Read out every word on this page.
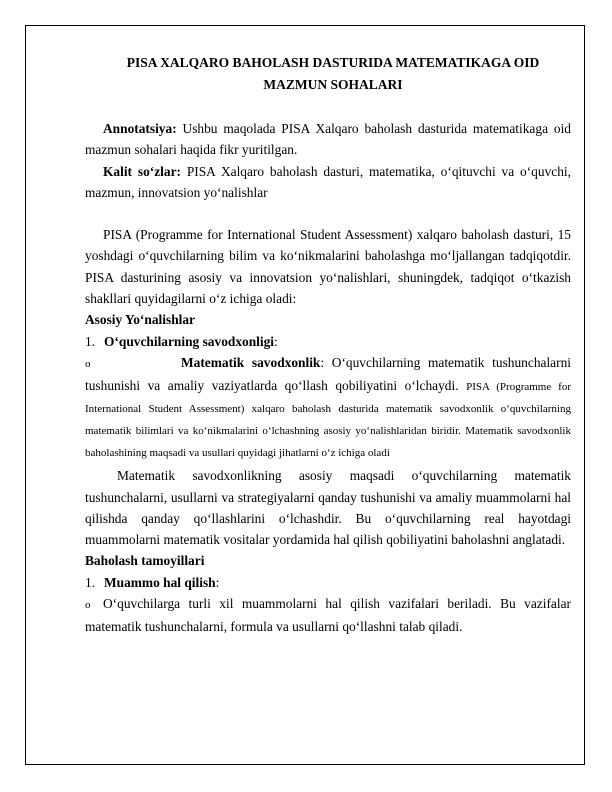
PISA XALQARO BAHOLASH DASTURIDA MATEMATIKAGA OID
MAZMUN SOHALARI

Annotatsiya: Ushbu maqolada PISA Xalqaro baholash dasturida matematikaga oid mazmun sohalari haqida fikr yuritilgan.

Kalit so‘zlar: PISA Xalqaro baholash dasturi, matematika, o‘qituvchi va o‘quvchi, mazmun, innovatsion yo‘nalishlar

PISA (Programme for International Student Assessment) xalqaro baholash dasturi, 15 yoshdagi o‘quvchilarning bilim va ko‘nikmalarini baholashga mo‘ljallangan tadqiqotdir. PISA dasturining asosiy va innovatsion yo‘nalishlari, shuningdek, tadqiqot o‘tkazish shakllari quyidagilarni o‘z ichiga oladi:

Asosiy Yo‘nalishlar

1. O‘quvchilarning savodxonligi:

o	Matematik savodxonlik: O‘quvchilarning matematik tushunchalarni tushunishi va amaliy vaziyatlarda qo‘llash qobiliyatini o‘lchaydi. PISA (Programme for International Student Assessment) xalqaro baholash dasturida matematik savodxonlik o‘quvchilarning matematik bilimlari va ko‘nikmalarini o‘lchashning asosiy yo‘nalishlaridan biridir. Matematik savodxonlik baholashining maqsadi va usullari quyidagi jihatlarni o‘z ichiga oladi

Matematik savodxonlikning asosiy maqsadi o‘quvchilarning matematik tushunchalarni, usullarni va strategiyalarni qanday tushunishi va amaliy muammolarni hal qilishda qanday qo‘llashlarini o‘lchashdir. Bu o‘quvchilarning real hayotdagi muammolarni matematik vositalar yordamida hal qilish qobiliyatini baholashni anglatadi.

Baholash tamoyillari

1. Muammo hal qilish:

o O‘quvchilarga turli xil muammolarni hal qilish vazifalari beriladi. Bu vazifalar matematik tushunchalarni, formula va usullarni qo‘llashni talab qiladi.
